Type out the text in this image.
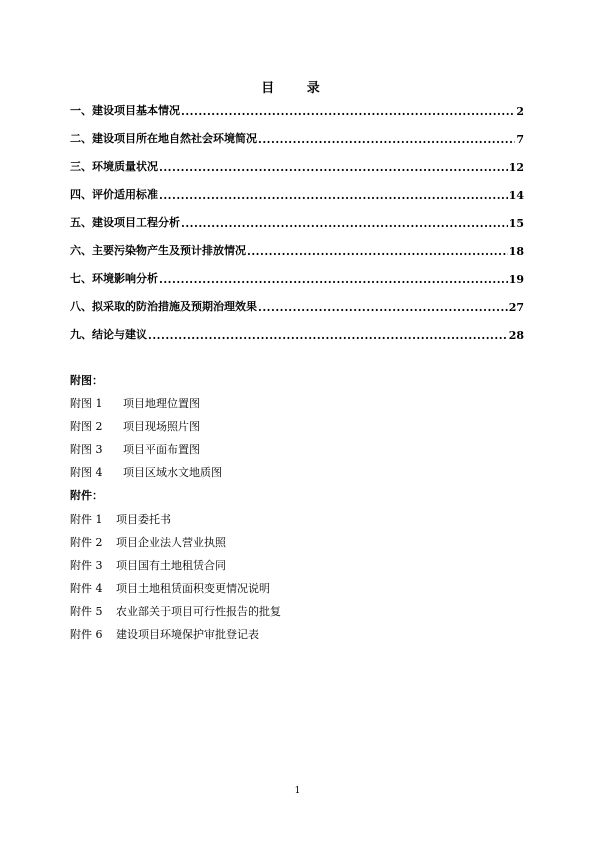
目 录
一、建设项目基本情况 .....	2
二、建设项目所在地自然社会环境简况 .....	7
三、环境质量状况 .....	12
四、评价适用标准 .....	14
五、建设项目工程分析 .....	15
六、主要污染物产生及预计排放情况 .....	18
七、环境影响分析 .....	19
八、拟采取的防治措施及预期治理效果 .....	27
九、结论与建议 .....	28
附图：
附图 1	项目地理位置图
附图 2	项目现场照片图
附图 3	项目平面布置图
附图 4	项目区域水文地质图
附件：
附件 1	项目委托书
附件 2	项目企业法人营业执照
附件 3	项目国有土地租赁合同
附件 4	项目土地租赁面积变更情况说明
附件 5	农业部关于项目可行性报告的批复
附件 6	建设项目环境保护审批登记表
1
